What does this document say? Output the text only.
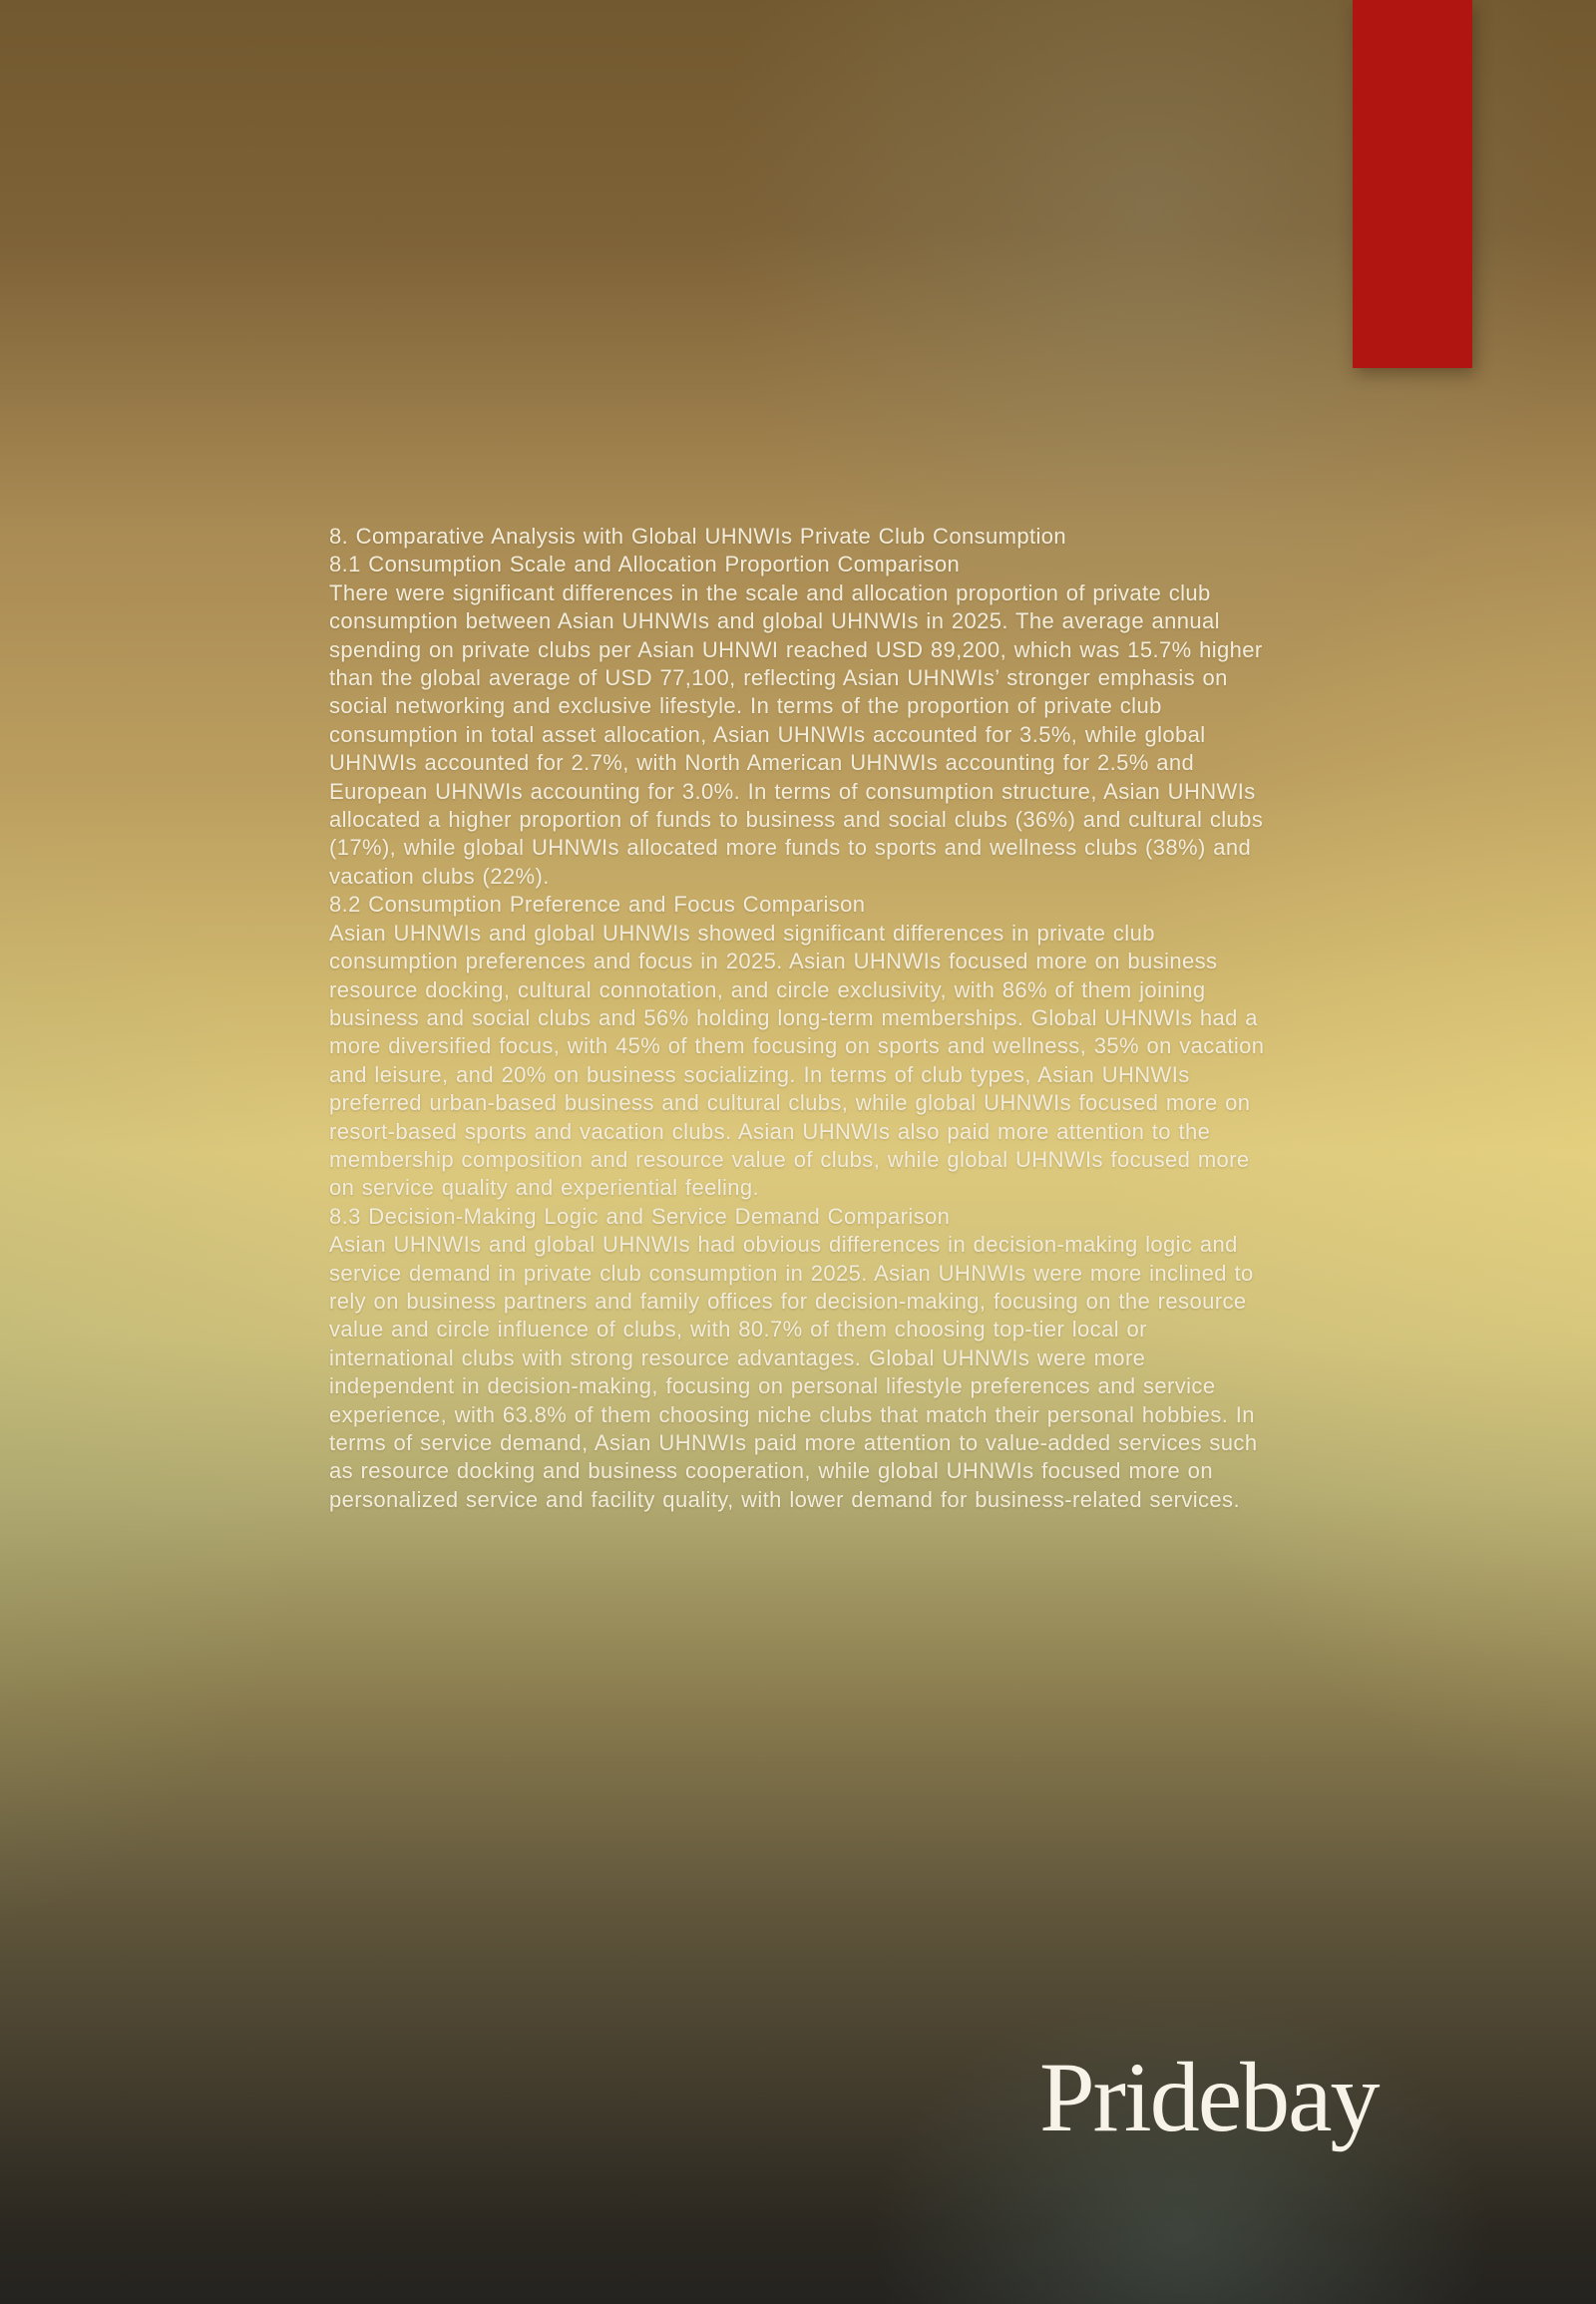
8. Comparative Analysis with Global UHNWIs Private Club Consumption
8.1 Consumption Scale and Allocation Proportion Comparison
There were significant differences in the scale and allocation proportion of private club consumption between Asian UHNWIs and global UHNWIs in 2025. The average annual spending on private clubs per Asian UHNWI reached USD 89,200, which was 15.7% higher than the global average of USD 77,100, reflecting Asian UHNWIs’ stronger emphasis on social networking and exclusive lifestyle. In terms of the proportion of private club consumption in total asset allocation, Asian UHNWIs accounted for 3.5%, while global UHNWIs accounted for 2.7%, with North American UHNWIs accounting for 2.5% and European UHNWIs accounting for 3.0%. In terms of consumption structure, Asian UHNWIs allocated a higher proportion of funds to business and social clubs (36%) and cultural clubs (17%), while global UHNWIs allocated more funds to sports and wellness clubs (38%) and vacation clubs (22%).
8.2 Consumption Preference and Focus Comparison
Asian UHNWIs and global UHNWIs showed significant differences in private club consumption preferences and focus in 2025. Asian UHNWIs focused more on business resource docking, cultural connotation, and circle exclusivity, with 86% of them joining business and social clubs and 56% holding long-term memberships. Global UHNWIs had a more diversified focus, with 45% of them focusing on sports and wellness, 35% on vacation and leisure, and 20% on business socializing. In terms of club types, Asian UHNWIs preferred urban-based business and cultural clubs, while global UHNWIs focused more on resort-based sports and vacation clubs. Asian UHNWIs also paid more attention to the membership composition and resource value of clubs, while global UHNWIs focused more on service quality and experiential feeling.
8.3 Decision-Making Logic and Service Demand Comparison
Asian UHNWIs and global UHNWIs had obvious differences in decision-making logic and service demand in private club consumption in 2025. Asian UHNWIs were more inclined to rely on business partners and family offices for decision-making, focusing on the resource value and circle influence of clubs, with 80.7% of them choosing top-tier local or international clubs with strong resource advantages. Global UHNWIs were more independent in decision-making, focusing on personal lifestyle preferences and service experience, with 63.8% of them choosing niche clubs that match their personal hobbies. In terms of service demand, Asian UHNWIs paid more attention to value-added services such as resource docking and business cooperation, while global UHNWIs focused more on personalized service and facility quality, with lower demand for business-related services.
Pridebay
